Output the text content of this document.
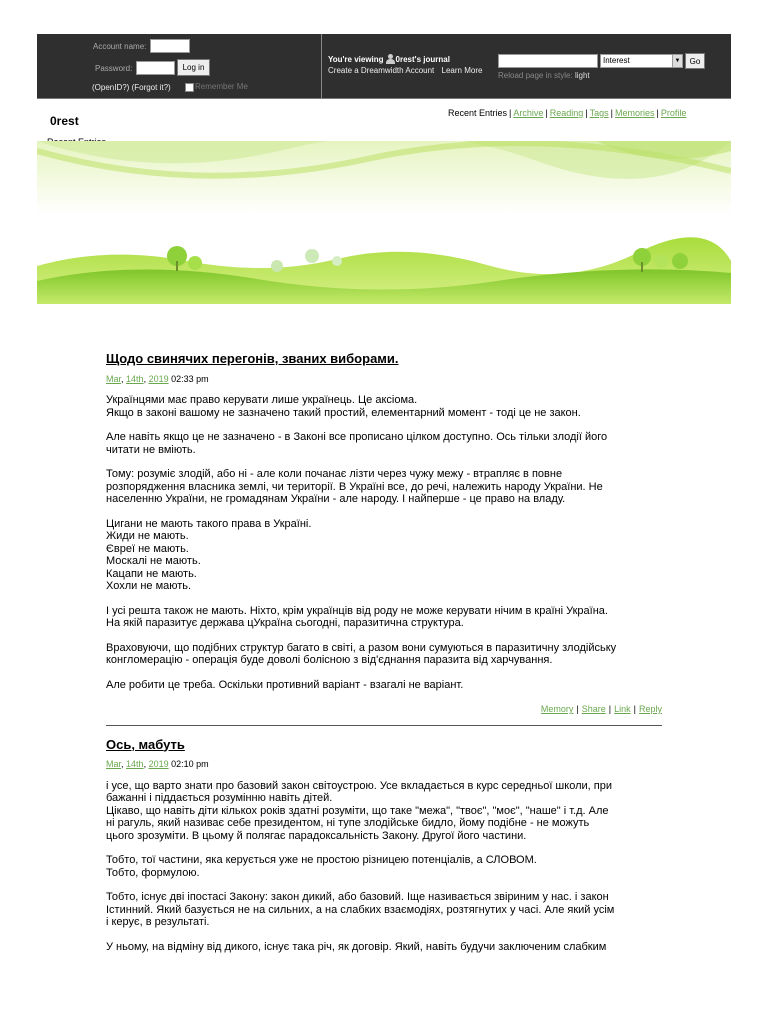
Account name:
Password:	Log in
(OpenID?) (Forgot it?)	Remember Me
You're viewing 0rest's journal
Create a Dreamwidth Account Learn More
Interest	▼	Go
Reload page in style: light
0rest
Recent Entries | Archive | Reading | Tags | Memories | Profile
Щодо свинячих перегонів, званих виборами.
Mar, 14th, 2019 02:33 pm
Українцями має право керувати лише українець. Це аксіома.
Якщо в законі вашому не зазначено такий простий, елементарний момент - тоді це не закон.
Але навіть якщо це не зазначено - в Законі все прописано цілком доступно. Ось тільки злодії його
читати не вміють.
Тому: розуміє злодій, або ні - але коли почанає лізти через чужу межу - втрапляє в повне
розпорядження власника землі, чи території. В Україні все, до речі, належить народу України. Не
населенню України, не громадянам України - але народу. І найперше - це право на владу.
Цигани не мають такого права в Україні.
Жиди не мають.
Євреї не мають.
Москалі не мають.
Кацапи не мають.
Хохли не мають.
І усі решта також не мають. Ніхто, крім українців від роду не може керувати нічим в країні Україна.
На якій паразитує держава цУкраїна сьогодні, паразитична структура.
Враховуючи, що подібних структур багато в світі, а разом вони сумуються в паразитичну злодійську
конгломерацію - операція буде доволі болісною з від'єднання паразита від харчування.
Але робити це треба. Оскільки противний варіант - взагалі не варіант.
Memory | Share | Link | Reply
Ось, мабуть
Mar, 14th, 2019 02:10 pm
і усе, що варто знати про базовий закон світоустрою. Усе вкладається в курс середньої школи, при
бажанні і піддається розумінню навіть дітей.
Цікаво, що навіть діти кількох років здатні розуміти, що таке "межа", "твоє", "моє", "наше" і т.д. Але
ні рагуль, який називає себе президентом, ні тупе злодійське бидло, йому подібне - не можуть
цього зрозуміти. В цьому й полягає парадоксальність Закону. Другої його частини.
Тобто, тої частини, яка керується уже не простою різницею потенціалів, а СЛОВОМ.
Тобто, формулою.
Тобто, існує дві іпостасі Закону: закон дикий, або базовий. Іще називається звіриним у нас. і закон
Істинний. Який базується не на сильних, а на слабких взаємодіях, розтягнутих у часі. Але який усім
і керує, в результаті.
У ньому, на відміну від дикого, існує така річ, як договір. Який, навіть будучи заключеним слабким
